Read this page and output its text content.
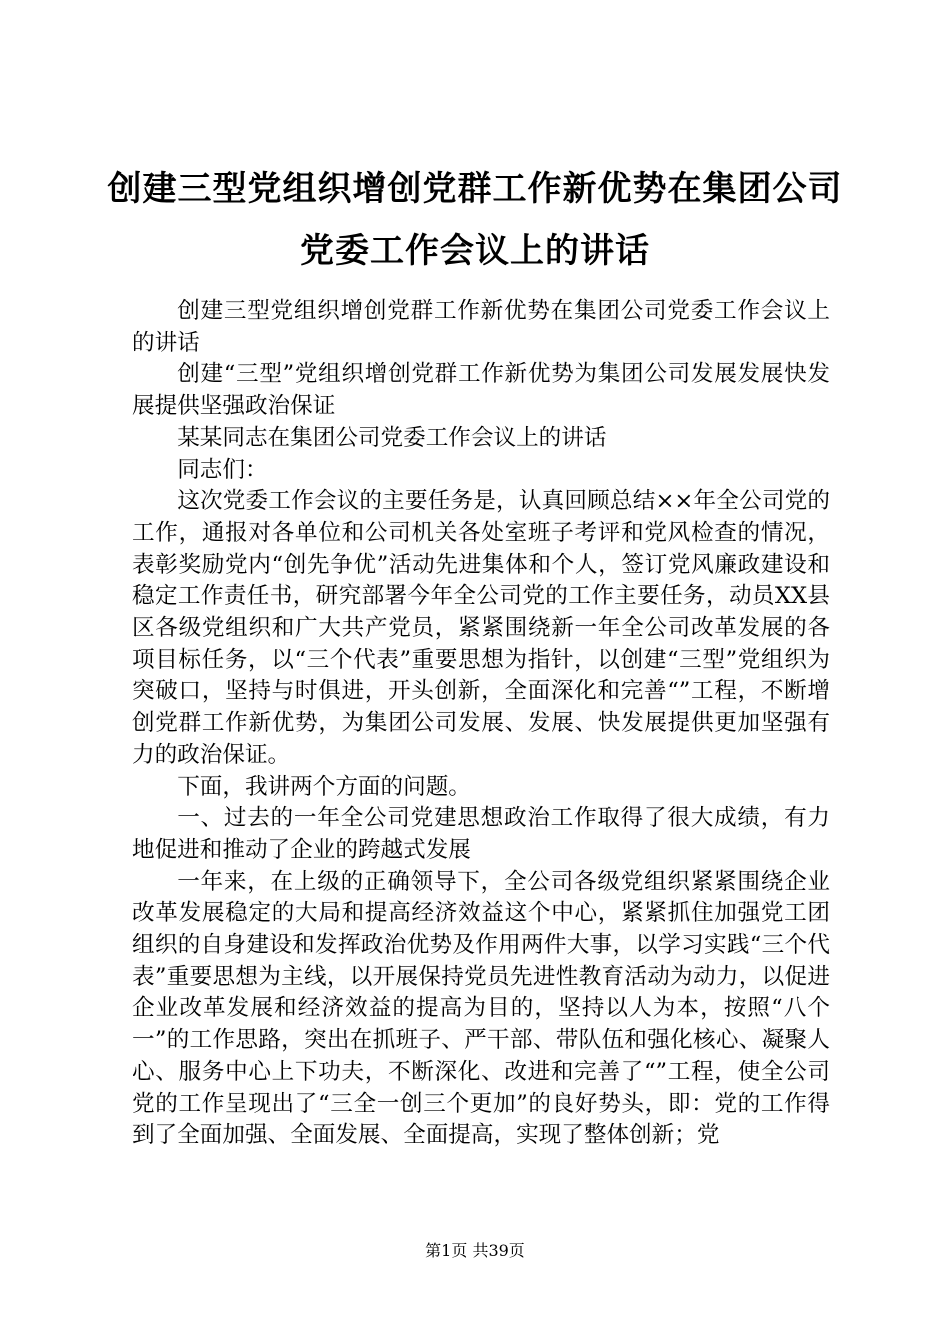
创建三型党组织增创党群工作新优势在集团公司党委工作会议上的讲话

创建三型党组织增创党群工作新优势在集团公司党委工作会议上的讲话

创建“三型”党组织增创党群工作新优势为集团公司发展发展快发展提供坚强政治保证

某某同志在集团公司党委工作会议上的讲话

同志们：

这次党委工作会议的主要任务是，认真回顾总结××年全公司党的工作，通报对各单位和公司机关各处室班子考评和党风检查的情况，表彰奖励党内“创先争优”活动先进集体和个人，签订党风廉政建设和稳定工作责任书，研究部署今年全公司党的工作主要任务，动员XX县区各级党组织和广大共产党员，紧紧围绕新一年全公司改革发展的各项目标任务，以“三个代表”重要思想为指针，以创建“三型”党组织为突破口，坚持与时俱进，开头创新，全面深化和完善“”工程，不断增创党群工作新优势，为集团公司发展、发展、快发展提供更加坚强有力的政治保证。

下面，我讲两个方面的问题。

一、过去的一年全公司党建思想政治工作取得了很大成绩，有力地促进和推动了企业的跨越式发展

一年来，在上级的正确领导下，全公司各级党组织紧紧围绕企业改革发展稳定的大局和提高经济效益这个中心，紧紧抓住加强党工团组织的自身建设和发挥政治优势及作用两件大事，以学习实践“三个代表”重要思想为主线，以开展保持党员先进性教育活动为动力，以促进企业改革发展和经济效益的提高为目的，坚持以人为本，按照“八个一”的工作思路，突出在抓班子、严干部、带队伍和强化核心、凝聚人心、服务中心上下功夫，不断深化、改进和完善了“”工程，使全公司党的工作呈现出了“三全一创三个更加”的良好势头，即：党的工作得到了全面加强、全面发展、全面提高，实现了整体创新；党

第1页 共39页
